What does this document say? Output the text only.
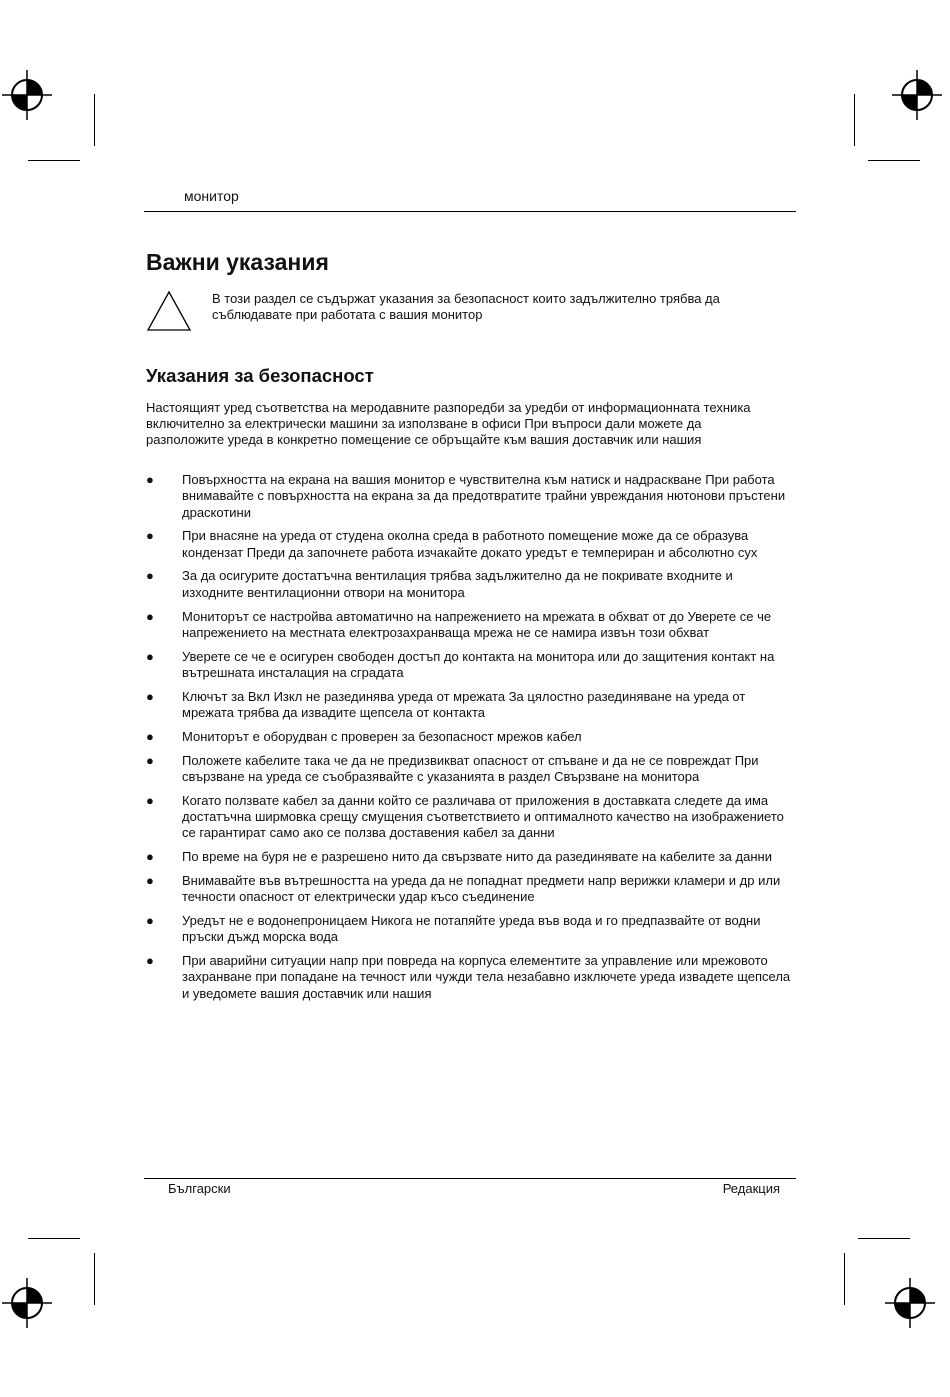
монитор
Важни указания
В този раздел се съдържат указания за безопасност които задължително трябва да съблюдавате при работата с вашия монитор
Указания за безопасност

Настоящият уред съответства на меродавните разпоредби за уредби от информационната техника включително за електрически машини за използване в офиси При въпроси дали можете да разположите уреда в конкретно помещение се обръщайте към вашия доставчик или нашия

● Повърхността на екрана на вашия монитор е чувствителна към натиск и надраскване При работа внимавайте с повърхността на екрана за да предотвратите трайни увреждания нютонови пръстени драскотини
● При внасяне на уреда от студена околна среда в работното помещение може да се образува кондензат Преди да започнете работа изчакайте докато уредът е темпериран и абсолютно сух
● За да осигурите достатъчна вентилация трябва задължително да не покривате входните и изходните вентилационни отвори на монитора
● Мониторът се настройва автоматично на напрежението на мрежата в обхват от до Уверете се че напрежението на местната електрозахранваща мрежа не се намира извън този обхват
● Уверете се че е осигурен свободен достъп до контакта на монитора или до защитения контакт на вътрешната инсталация на сградата
● Ключът за Вкл Изкл не разединява уреда от мрежата За цялостно разединяване на уреда от мрежата трябва да извадите щепсела от контакта
● Мониторът е оборудван с проверен за безопасност мрежов кабел
● Положете кабелите така че да не предизвикват опасност от спъване и да не се повреждат При свързване на уреда се съобразявайте с указанията в раздел Свързване на монитора
● Когато ползвате кабел за данни който се различава от приложения в доставката следете да има достатъчна ширмовка срещу смущения съответствието и оптималното качество на изображението се гарантират само ако се ползва доставения кабел за данни
● По време на буря не е разрешено нито да свързвате нито да разединявате на кабелите за данни
● Внимавайте във вътрешността на уреда да не попаднат предмети напр верижки кламери и др или течности опасност от електрически удар късо съединение
● Уредът не е водонепроницаем Никога не потапяйте уреда във вода и го предпазвайте от водни пръски дъжд морска вода
● При аварийни ситуации напр при повреда на корпуса елементите за управление или мрежовото захранване при попадане на течност или чужди тела незабавно изключете уреда извадете щепсела и уведомете вашия доставчик или нашия
Български	Редакция
